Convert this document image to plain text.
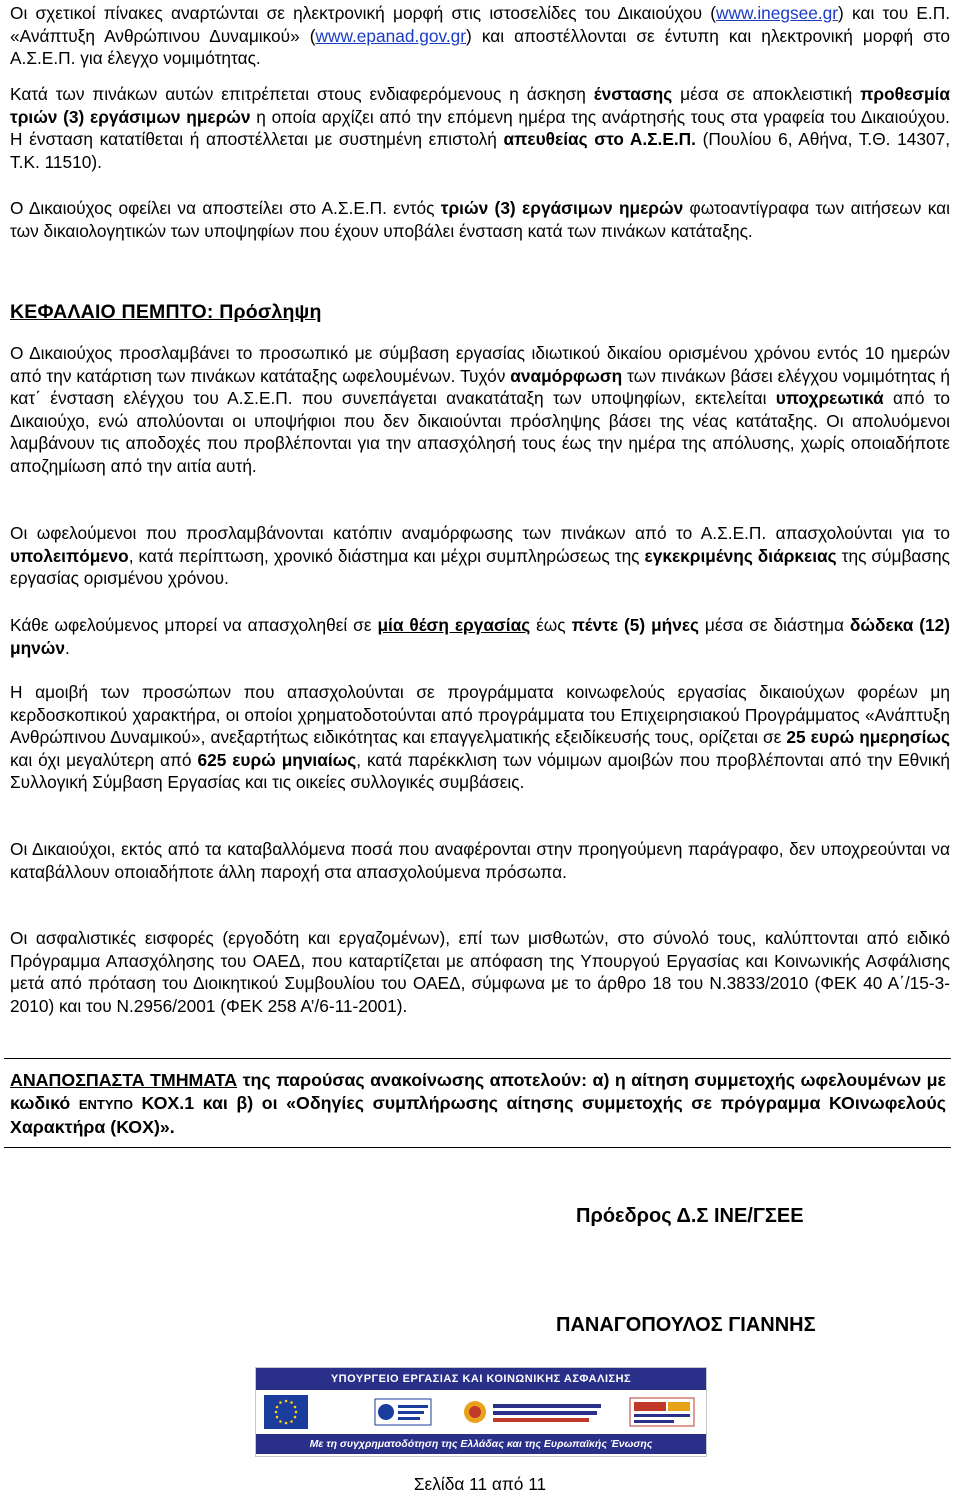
Οι σχετικοί πίνακες αναρτώνται σε ηλεκτρονική μορφή στις ιστοσελίδες του Δικαιούχου (www.inegsee.gr) και του Ε.Π. «Ανάπτυξη Ανθρώπινου Δυναμικού» (www.epanad.gov.gr) και αποστέλλονται σε έντυπη και ηλεκτρονική μορφή στο Α.Σ.Ε.Π. για έλεγχο νομιμότητας.

Κατά των πινάκων αυτών επιτρέπεται στους ενδιαφερόμενους η άσκηση ένστασης μέσα σε αποκλειστική προθεσμία τριών (3) εργάσιμων ημερών η οποία αρχίζει από την επόμενη ημέρα της ανάρτησής τους στα γραφεία του Δικαιούχου. Η ένσταση κατατίθεται ή αποστέλλεται με συστημένη επιστολή απευθείας στο Α.Σ.Ε.Π. (Πουλίου 6, Αθήνα, Τ.Θ. 14307, Τ.Κ. 11510).

Ο Δικαιούχος οφείλει να αποστείλει στο Α.Σ.Ε.Π. εντός τριών (3) εργάσιμων ημερών φωτοαντίγραφα των αιτήσεων και των δικαιολογητικών των υποψηφίων που έχουν υποβάλει ένσταση κατά των πινάκων κατάταξης.

ΚΕΦΑΛΑΙΟ ΠΕΜΠΤΟ: Πρόσληψη

Ο Δικαιούχος προσλαμβάνει το προσωπικό με σύμβαση εργασίας ιδιωτικού δικαίου ορισμένου χρόνου εντός 10 ημερών από την κατάρτιση των πινάκων κατάταξης ωφελουμένων. Τυχόν αναμόρφωση των πινάκων βάσει ελέγχου νομιμότητας ή κατ΄ ένσταση ελέγχου του Α.Σ.Ε.Π. που συνεπάγεται ανακατάταξη των υποψηφίων, εκτελείται υποχρεωτικά από το Δικαιούχο, ενώ απολύονται οι υποψήφιοι που δεν δικαιούνται πρόσληψης βάσει της νέας κατάταξης. Οι απολυόμενοι λαμβάνουν τις αποδοχές που προβλέπονται για την απασχόλησή τους έως την ημέρα της απόλυσης, χωρίς οποιαδήποτε αποζημίωση από την αιτία αυτή.

Οι ωφελούμενοι που προσλαμβάνονται κατόπιν αναμόρφωσης των πινάκων από το Α.Σ.Ε.Π. απασχολούνται για το υπολειπόμενο, κατά περίπτωση, χρονικό διάστημα και μέχρι συμπληρώσεως της εγκεκριμένης διάρκειας της σύμβασης εργασίας ορισμένου χρόνου.

Κάθε ωφελούμενος μπορεί να απασχοληθεί σε μία θέση εργασίας έως πέντε (5) μήνες μέσα σε διάστημα δώδεκα (12) μηνών.

Η αμοιβή των προσώπων που απασχολούνται σε προγράμματα κοινωφελούς εργασίας δικαιούχων φορέων μη κερδοσκοπικού χαρακτήρα, οι οποίοι χρηματοδοτούνται από προγράμματα του Επιχειρησιακού Προγράμματος «Ανάπτυξη Ανθρώπινου Δυναμικού», ανεξαρτήτως ειδικότητας και επαγγελματικής εξειδίκευσής τους, ορίζεται σε 25 ευρώ ημερησίως και όχι μεγαλύτερη από 625 ευρώ μηνιαίως, κατά παρέκκλιση των νόμιμων αμοιβών που προβλέπονται από την Εθνική Συλλογική Σύμβαση Εργασίας και τις οικείες συλλογικές συμβάσεις.

Οι Δικαιούχοι, εκτός από τα καταβαλλόμενα ποσά που αναφέρονται στην προηγούμενη παράγραφο, δεν υποχρεούνται να καταβάλλουν οποιαδήποτε άλλη παροχή στα απασχολούμενα πρόσωπα.

Οι ασφαλιστικές εισφορές (εργοδότη και εργαζομένων), επί των μισθωτών, στο σύνολό τους, καλύπτονται από ειδικό Πρόγραμμα Απασχόλησης του ΟΑΕΔ, που καταρτίζεται με απόφαση της Υπουργού Εργασίας και Κοινωνικής Ασφάλισης μετά από πρόταση του Διοικητικού Συμβουλίου του ΟΑΕΔ, σύμφωνα με το άρθρο 18 του Ν.3833/2010 (ΦΕΚ 40 Α΄/15-3-2010) και του Ν.2956/2001 (ΦΕΚ 258 Α’/6-11-2001).

ΑΝΑΠΟΣΠΑΣΤΑ ΤΜΗΜΑΤΑ της παρούσας ανακοίνωσης αποτελούν: α) η αίτηση συμμετοχής ωφελουμένων με κωδικό ΕΝΤΥΠΟ ΚΟΧ.1 και β) οι «Οδηγίες συμπλήρωσης αίτησης συμμετοχής σε πρόγραμμα ΚΟινωφελούς Χαρακτήρα (ΚΟΧ)».

Πρόεδρος Δ.Σ ΙΝΕ/ΓΣΕΕ

ΠΑΝΑΓΟΠΟΥΛΟΣ ΓΙΑΝΝΗΣ

ΥΠΟΥΡΓΕΙΟ ΕΡΓΑΣΙΑΣ ΚΑΙ ΚΟΙΝΩΝΙΚΗΣ ΑΣΦΑΛΙΣΗΣ
Με τη συγχρηματοδότηση της Ελλάδας και της Ευρωπαϊκής Ένωσης

Σελίδα 11 από 11
